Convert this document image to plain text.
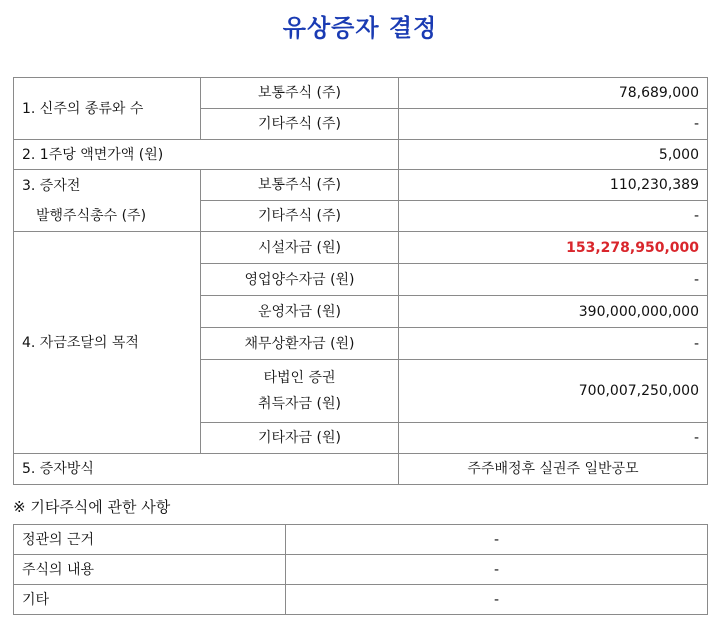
유상증자 결정
1. 신주의 종류와 수	보통주식 (주)	78,689,000
	기타주식 (주)	-
2. 1주당 액면가액 (원)		5,000

3. 증자전
발행주식총수 (주)	보통주식 (주)	110,230,389
	기타주식 (주)	-
4. 자금조달의 목적	시설자금 (원)	153,278,950,000
	영업양수자금 (원)	-
	운영자금 (원)	390,000,000,000
	채무상환자금 (원)	-

	타법인 증권
취득자금 (원)	700,007,250,000
	기타자금 (원)	-
5. 증자방식		주주배정후 실권주 일반공모
※ 기타주식에 관한 사항
정관의 근거	-
주식의 내용	-
기타	-
